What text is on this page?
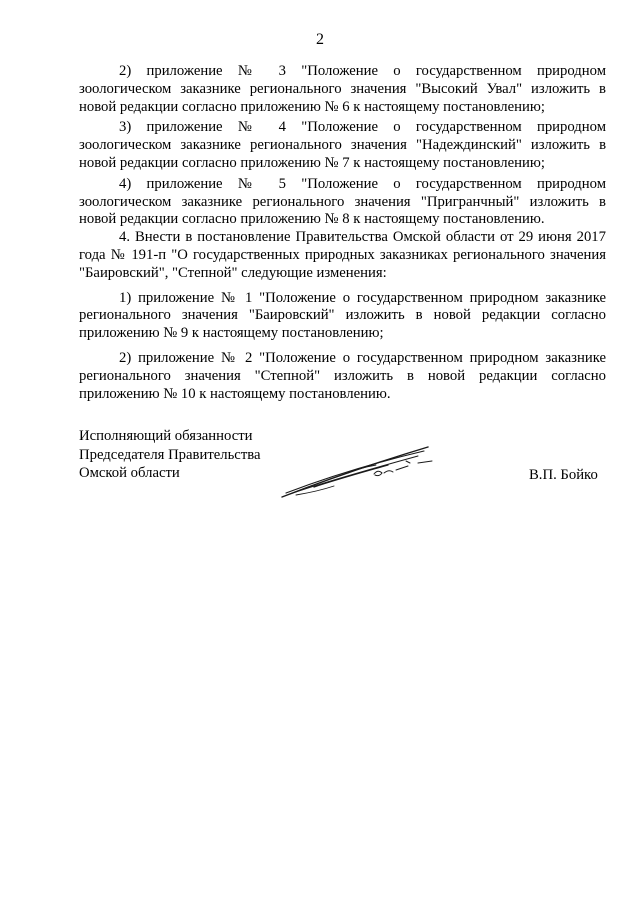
2

2) приложение № 3 "Положение о государственном природном зоологическом заказнике регионального значения "Высокий Увал" изложить в новой редакции согласно приложению № 6 к настоящему постановлению;

3) приложение № 4 "Положение о государственном природном зоологическом заказнике регионального значения "Надеждинский" изложить в новой редакции согласно приложению № 7 к настоящему постановлению;

4) приложение № 5 "Положение о государственном природном зоологическом заказнике регионального значения "Пригранчный" изложить в новой редакции согласно приложению № 8 к настоящему постановлению.

4. Внести в постановление Правительства Омской области от 29 июня 2017 года № 191-п "О государственных природных заказниках регионального значения "Баировский", "Степной" следующие изменения:

1) приложение № 1 "Положение о государственном природном заказнике регионального значения "Баировский" изложить в новой редакции согласно приложению № 9 к настоящему постановлению;

2) приложение № 2 "Положение о государственном природном заказнике регионального значения "Степной" изложить в новой редакции согласно приложению № 10 к настоящему постановлению.

Исполняющий обязанности
Председателя Правительства
Омской области	В.П. Бойко
